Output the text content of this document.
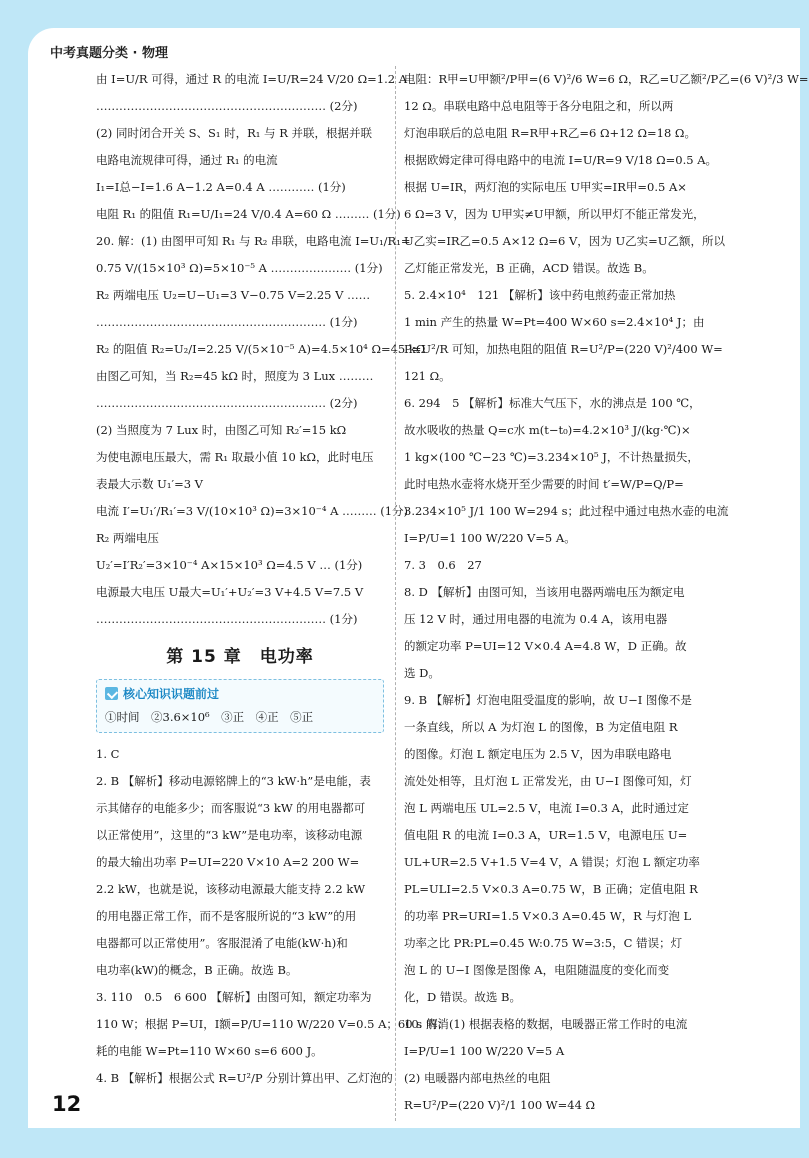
中考真题分类 · 物理
由 I=U/R 可得，通过 R 的电流 I=U/R=24 V/20 Ω=1.2 A
…………………………………………………… (2分)
(2) 同时闭合开关 S、S₁ 时，R₁ 与 R 并联，根据并联
电路电流规律可得，通过 R₁ 的电流
I₁=I总−I=1.6 A−1.2 A=0.4 A ………… (1分)
电阻 R₁ 的阻值 R₁=U/I₁=24 V/0.4 A=60 Ω ……… (1分)
20. 解：(1) 由图甲可知 R₁ 与 R₂ 串联，电路电流 I=U₁/R₁=
0.75 V/(15×10³ Ω)=5×10⁻⁵ A ………………… (1分)
R₂ 两端电压 U₂=U−U₁=3 V−0.75 V=2.25 V ……
…………………………………………………… (1分)
R₂ 的阻值 R₂=U₂/I=2.25 V/(5×10⁻⁵ A)=4.5×10⁴ Ω=45 kΩ
由图乙可知，当 R₂=45 kΩ 时，照度为 3 Lux ………
…………………………………………………… (2分)
(2) 当照度为 7 Lux 时，由图乙可知 R₂′=15 kΩ
为使电源电压最大，需 R₁ 取最小值 10 kΩ，此时电压
表最大示数 U₁′=3 V
电流 I′=U₁′/R₁′=3 V/(10×10³ Ω)=3×10⁻⁴ A ……… (1分)
R₂ 两端电压
U₂′=I′R₂′=3×10⁻⁴ A×15×10³ Ω=4.5 V … (1分)
电源最大电压 U最大=U₁′+U₂′=3 V+4.5 V=7.5 V
…………………………………………………… (1分)
第 15 章　电功率
核心知识识题前过
①时间　②3.6×10⁶　③正　④正　⑤正
1. C
2. B 【解析】移动电源铭牌上的“3 kW·h”是电能，表
示其储存的电能多少；而客服说“3 kW 的用电器都可
以正常使用”，这里的“3 kW”是电功率，该移动电源
的最大输出功率 P=UI=220 V×10 A=2 200 W=
2.2 kW，也就是说，该移动电源最大能支持 2.2 kW
的用电器正常工作，而不是客服所说的“3 kW”的用
电器都可以正常使用”。客服混淆了电能(kW·h)和
电功率(kW)的概念，B 正确。故选 B。
3. 110　0.5　6 600 【解析】由图可知，额定功率为
110 W；根据 P=UI，I额=P/U=110 W/220 V=0.5 A；60 s 内消
耗的电能 W=Pt=110 W×60 s=6 600 J。
4. B 【解析】根据公式 R=U²/P 分别计算出甲、乙灯泡的
电阻：R甲=U甲额²/P甲=(6 V)²/6 W=6 Ω，R乙=U乙额²/P乙=(6 V)²/3 W=
12 Ω。串联电路中总电阻等于各分电阻之和，所以两
灯泡串联后的总电阻 R=R甲+R乙=6 Ω+12 Ω=18 Ω。
根据欧姆定律可得电路中的电流 I=U/R=9 V/18 Ω=0.5 A。
根据 U=IR，两灯泡的实际电压 U甲实=IR甲=0.5 A×
6 Ω=3 V，因为 U甲实≠U甲额，所以甲灯不能正常发光，
U乙实=IR乙=0.5 A×12 Ω=6 V，因为 U乙实=U乙额，所以
乙灯能正常发光，B 正确，ACD 错误。故选 B。
5. 2.4×10⁴　121 【解析】该中药电煎药壶正常加热
1 min 产生的热量 W=Pt=400 W×60 s=2.4×10⁴ J；由
P=U²/R 可知，加热电阻的阻值 R=U²/P=(220 V)²/400 W=
121 Ω。
6. 294　5 【解析】标准大气压下，水的沸点是 100 ℃，
故水吸收的热量 Q=c水 m(t−t₀)=4.2×10³ J/(kg·℃)×
1 kg×(100 ℃−23 ℃)=3.234×10⁵ J，不计热量损失，
此时电热水壶将水烧开至少需要的时间 t′=W/P=Q/P=
3.234×10⁵ J/1 100 W=294 s；此过程中通过电热水壶的电流
I=P/U=1 100 W/220 V=5 A。
7. 3　0.6　27
8. D 【解析】由图可知，当该用电器两端电压为额定电
压 12 V 时，通过用电器的电流为 0.4 A，该用电器
的额定功率 P=UI=12 V×0.4 A=4.8 W，D 正确。故
选 D。
9. B 【解析】灯泡电阻受温度的影响，故 U−I 图像不是
一条直线，所以 A 为灯泡 L 的图像，B 为定值电阻 R
的图像。灯泡 L 额定电压为 2.5 V，因为串联电路电
流处处相等，且灯泡 L 正常发光，由 U−I 图像可知，灯
泡 L 两端电压 UL=2.5 V，电流 I=0.3 A，此时通过定
值电阻 R 的电流 I=0.3 A，UR=1.5 V，电源电压 U=
UL+UR=2.5 V+1.5 V=4 V，A 错误；灯泡 L 额定功率
PL=ULI=2.5 V×0.3 A=0.75 W，B 正确；定值电阻 R
的功率 PR=URI=1.5 V×0.3 A=0.45 W，R 与灯泡 L
功率之比 PR:PL=0.45 W:0.75 W=3:5，C 错误；灯
泡 L 的 U−I 图像是图像 A，电阻随温度的变化而变
化，D 错误。故选 B。
10. 解：(1) 根据表格的数据，电暖器正常工作时的电流
I=P/U=1 100 W/220 V=5 A
(2) 电暖器内部电热丝的电阻
R=U²/P=(220 V)²/1 100 W=44 Ω
12
